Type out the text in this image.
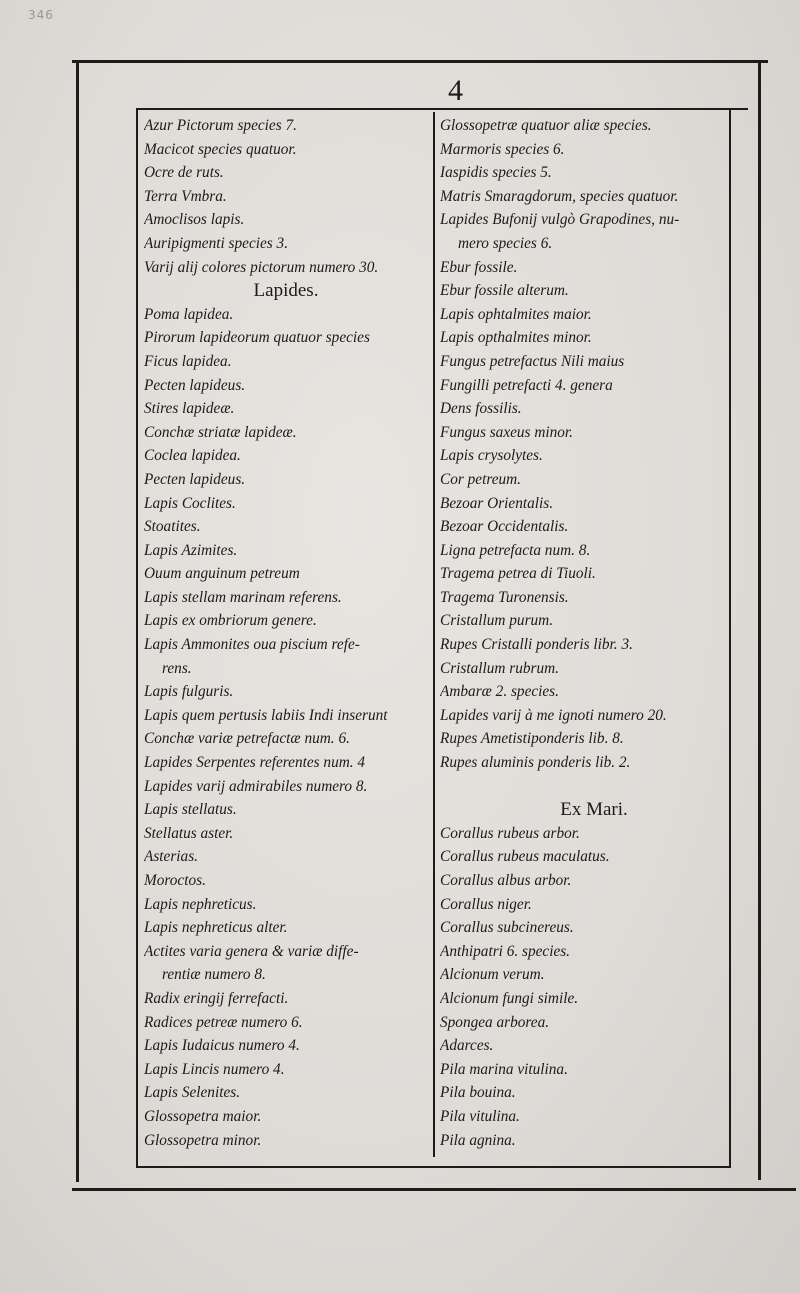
346
4
Azur Pictorum species 7.
Macicot species quatuor.
Ocre de ruts.
Terra Vmbra.
Amoclisos lapis.
Auripigmenti species 3.
Varij alij colores pictorum numero 30.
Lapides.
Poma lapidea.
Pirorum lapideorum quatuor species
Ficus lapidea.
Pecten lapideus.
Stires lapideæ.
Conchæ striatæ lapideæ.
Coclea lapidea.
Pecten lapideus.
Lapis Coclites.
Stoatites.
Lapis Azimites.
Ouum anguinum petreum
Lapis stellam marinam referens.
Lapis ex ombriorum genere.
Lapis Ammonites oua piscium refe-
rens.
Lapis fulguris.
Lapis quem pertusis labiis Indi inserunt
Conchæ variæ petrefactæ num. 6.
Lapides Serpentes referentes num. 4
Lapides varij admirabiles numero 8.
Lapis stellatus.
Stellatus aster.
Asterias.
Moroctos.
Lapis nephreticus.
Lapis nephreticus alter.
Actites varia genera & variæ diffe-
rentiæ numero 8.
Radix eringij ferrefacti.
Radices petreæ numero 6.
Lapis Iudaicus numero 4.
Lapis Lincis numero 4.
Lapis Selenites.
Glossopetra maior.
Glossopetra minor.
Glossopetræ quatuor aliæ species.
Marmoris species 6.
Iaspidis species 5.
Matris Smaragdorum, species quatuor.
Lapides Bufonij vulgò Grapodines, nu-
mero species 6.
Ebur fossile.
Ebur fossile alterum.
Lapis ophtalmites maior.
Lapis opthalmites minor.
Fungus petrefactus Nili maius
Fungilli petrefacti 4. genera
Dens fossilis.
Fungus saxeus minor.
Lapis crysolytes.
Cor petreum.
Bezoar Orientalis.
Bezoar Occidentalis.
Ligna petrefacta num. 8.
Tragema petrea di Tiuoli.
Tragema Turonensis.
Cristallum purum.
Rupes Cristalli ponderis libr. 3.
Cristallum rubrum.
Ambaræ 2. species.
Lapides varij à me ignoti numero 20.
Rupes Ametistiponderis lib. 8.
Rupes aluminis ponderis lib. 2.
Ex Mari.
Corallus rubeus arbor.
Corallus rubeus maculatus.
Corallus albus arbor.
Corallus niger.
Corallus subcinereus.
Anthipatri 6. species.
Alcionum verum.
Alcionum fungi simile.
Spongea arborea.
Adarces.
Pila marina vitulina.
Pila bouina.
Pila vitulina.
Pila agnina.
